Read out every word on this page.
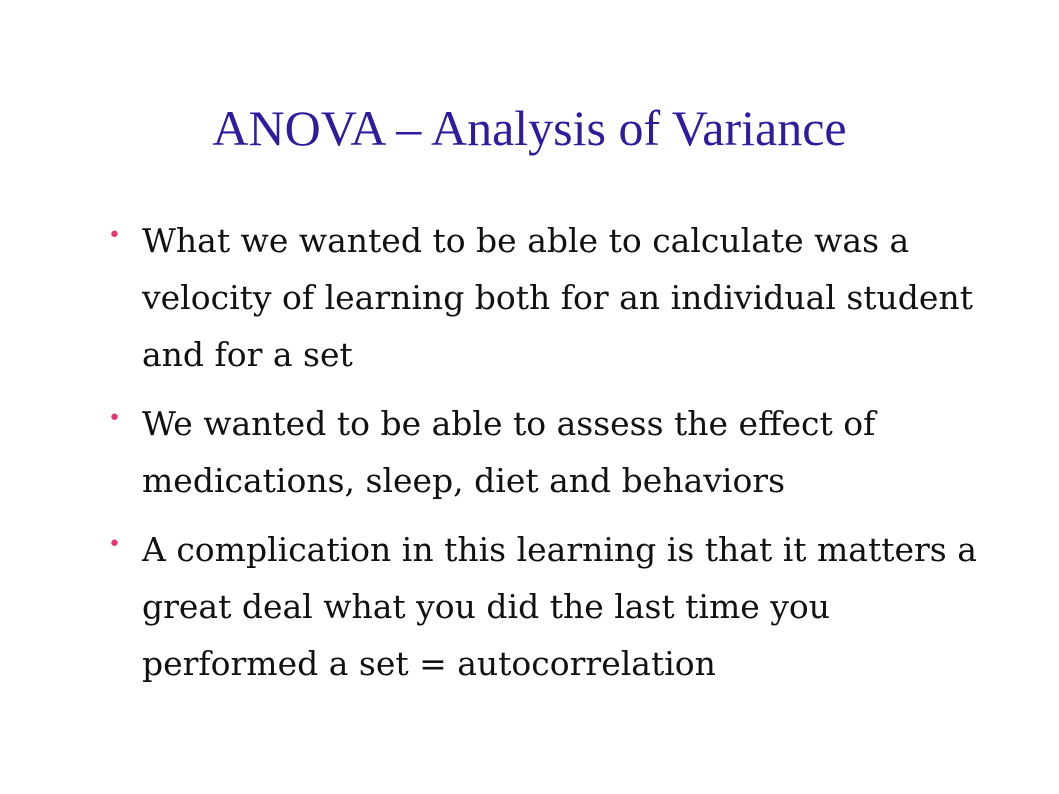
ANOVA – Analysis of Variance
• What we wanted to be able to calculate was a velocity of learning both for an individual student and for a set
• We wanted to be able to assess the effect of medications, sleep, diet and behaviors
• A complication in this learning is that it matters a great deal what you did the last time you performed a set = autocorrelation
